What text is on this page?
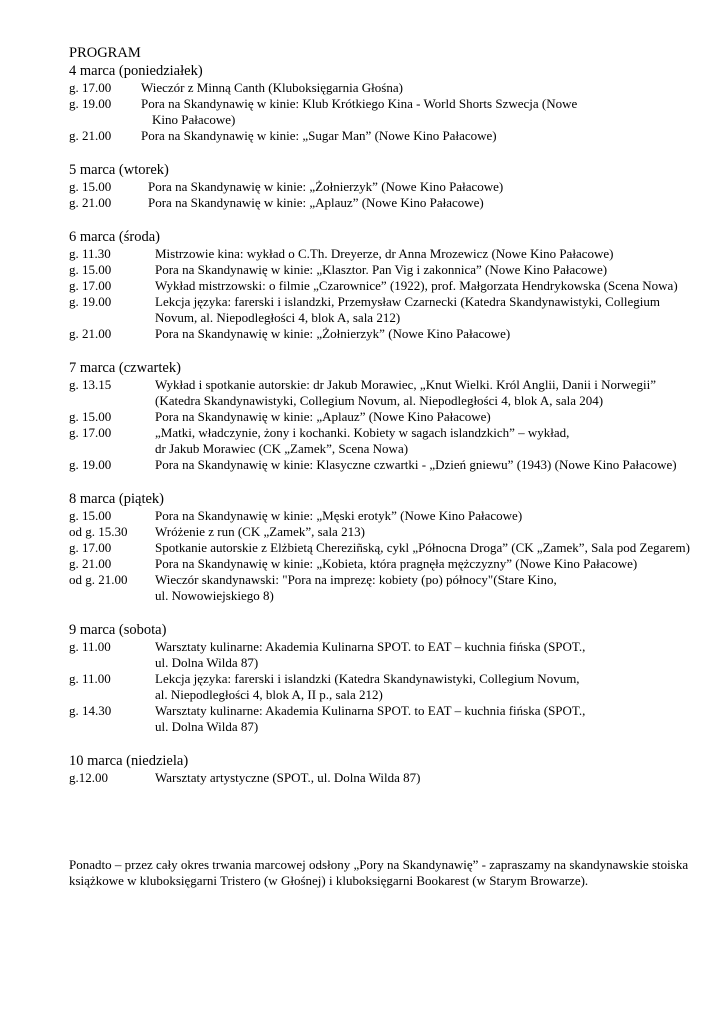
PROGRAM
4 marca (poniedziałek)
g. 17.00	Wieczór z Minną Canth (Kluboksięgarnia Głośna)
g. 19.00	Pora na Skandynawię w kinie: Klub Krótkiego Kina - World Shorts Szwecja (Nowe
Kino Pałacowe)
g. 21.00	Pora na Skandynawię w kinie: „Sugar Man” (Nowe Kino Pałacowe)
5 marca (wtorek)
g. 15.00	Pora na Skandynawię w kinie: „Żołnierzyk” (Nowe Kino Pałacowe)
g. 21.00	Pora na Skandynawię w kinie: „Aplauz” (Nowe Kino Pałacowe)
6 marca (środa)
g. 11.30	Mistrzowie kina: wykład o C.Th. Dreyerze, dr Anna Mrozewicz (Nowe Kino Pałacowe)
g. 15.00	Pora na Skandynawię w kinie: „Klasztor. Pan Vig i zakonnica” (Nowe Kino Pałacowe)
g. 17.00	Wykład mistrzowski: o filmie „Czarownice” (1922), prof. Małgorzata Hendrykowska (Scena Nowa)
g. 19.00	Lekcja języka: farerski i islandzki, Przemysław Czarnecki (Katedra Skandynawistyki, Collegium Novum, al. Niepodległości 4, blok A, sala 212)
g. 21.00	Pora na Skandynawię w kinie: „Żołnierzyk” (Nowe Kino Pałacowe)
7 marca (czwartek)
g. 13.15	Wykład i spotkanie autorskie: dr Jakub Morawiec, „Knut Wielki. Król Anglii, Danii i Norwegii” (Katedra Skandynawistyki, Collegium Novum, al. Niepodległości 4, blok A, sala 204)
g. 15.00	Pora na Skandynawię w kinie: „Aplauz” (Nowe Kino Pałacowe)
g. 17.00	„Matki, władczynie, żony i kochanki. Kobiety w sagach islandzkich” – wykład,
dr Jakub Morawiec (CK „Zamek”, Scena Nowa)
g. 19.00	Pora na Skandynawię w kinie: Klasyczne czwartki - „Dzień gniewu” (1943) (Nowe Kino Pałacowe)
8 marca (piątek)
g. 15.00	Pora na Skandynawię w kinie: „Męski erotyk” (Nowe Kino Pałacowe)
od g. 15.30	Wróżenie z run (CK „Zamek”, sala 213)
g. 17.00	Spotkanie autorskie z Elżbietą Chereziñską, cykl „Północna Droga” (CK „Zamek”, Sala pod Zegarem)
g. 21.00	Pora na Skandynawię w kinie: „Kobieta, która pragnęła mężczyzny” (Nowe Kino Pałacowe)
od g. 21.00	Wieczór skandynawski: "Pora na imprezę: kobiety (po) północy"(Stare Kino,
ul. Nowowiejskiego 8)
9 marca (sobota)
g. 11.00	Warsztaty kulinarne: Akademia Kulinarna SPOT. to EAT – kuchnia fińska (SPOT.,
ul. Dolna Wilda 87)
g. 11.00	Lekcja języka: farerski i islandzki (Katedra Skandynawistyki, Collegium Novum,
al. Niepodległości 4, blok A, II p., sala 212)
g. 14.30	Warsztaty kulinarne: Akademia Kulinarna SPOT. to EAT – kuchnia fińska (SPOT.,
ul. Dolna Wilda 87)
10 marca (niedziela)
g.12.00	Warsztaty artystyczne (SPOT., ul. Dolna Wilda 87)
Ponadto – przez cały okres trwania marcowej odsłony „Pory na Skandynawię” - zapraszamy na skandynawskie stoiska książkowe w kluboksięgarni Tristero (w Głośnej) i kluboksięgarni Bookarest (w Starym Browarze).
